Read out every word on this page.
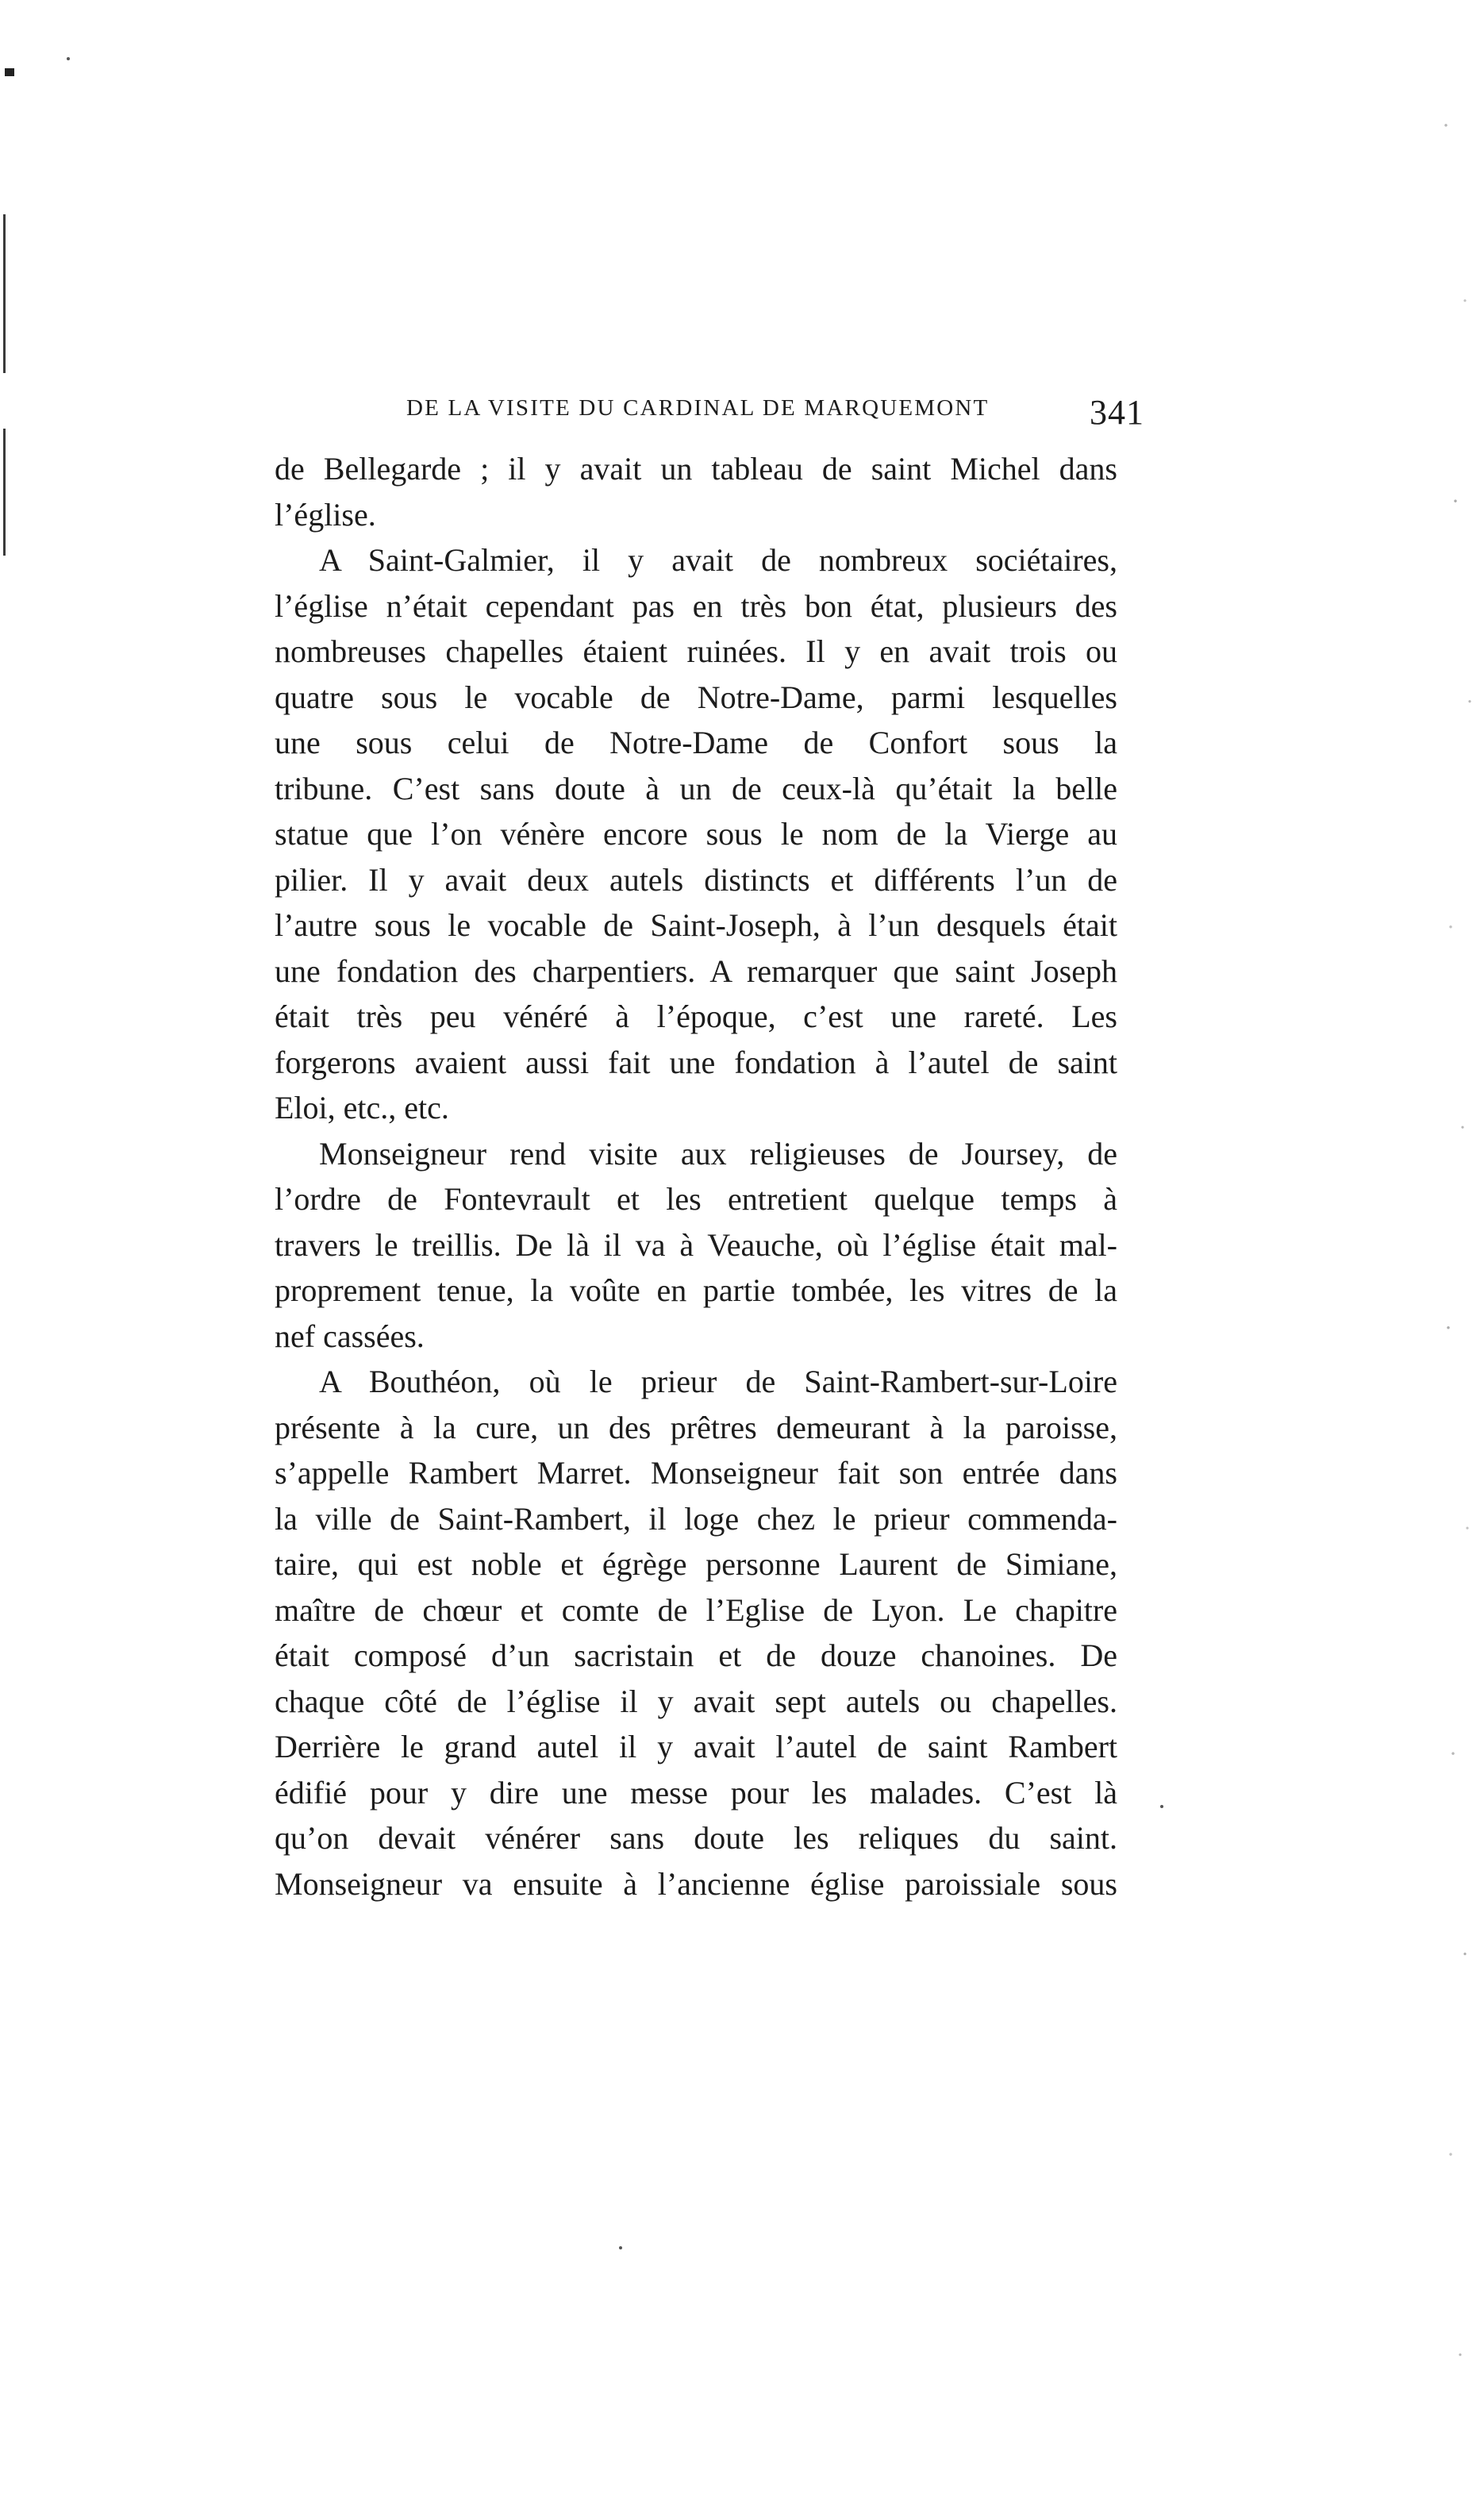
DE LA VISITE DU CARDINAL DE MARQUEMONT	341
de Bellegarde ; il y avait un tableau de saint Michel dans
l’église.
A Saint-Galmier, il y avait de nombreux sociétaires,
l’église n’était cependant pas en très bon état, plusieurs des
nombreuses chapelles étaient ruinées. Il y en avait trois ou
quatre sous le vocable de Notre-Dame, parmi lesquelles
une sous celui de Notre-Dame de Confort sous la
tribune. C’est sans doute à un de ceux-là qu’était la belle
statue que l’on vénère encore sous le nom de la Vierge au
pilier. Il y avait deux autels distincts et différents l’un de
l’autre sous le vocable de Saint-Joseph, à l’un desquels était
une fondation des charpentiers. A remarquer que saint Joseph
était très peu vénéré à l’époque, c’est une rareté. Les
forgerons avaient aussi fait une fondation à l’autel de saint
Eloi, etc., etc.
Monseigneur rend visite aux religieuses de Joursey, de
l’ordre de Fontevrault et les entretient quelque temps à
travers le treillis. De là il va à Veauche, où l’église était mal-
proprement tenue, la voûte en partie tombée, les vitres de la
nef cassées.
A Bouthéon, où le prieur de Saint-Rambert-sur-Loire
présente à la cure, un des prêtres demeurant à la paroisse,
s’appelle Rambert Marret. Monseigneur fait son entrée dans
la ville de Saint-Rambert, il loge chez le prieur commenda-
taire, qui est noble et égrège personne Laurent de Simiane,
maître de chœur et comte de l’Eglise de Lyon. Le chapitre
était composé d’un sacristain et de douze chanoines. De
chaque côté de l’église il y avait sept autels ou chapelles.
Derrière le grand autel il y avait l’autel de saint Rambert
édifié pour y dire une messe pour les malades. C’est là
qu’on devait vénérer sans doute les reliques du saint.
Monseigneur va ensuite à l’ancienne église paroissiale sous
